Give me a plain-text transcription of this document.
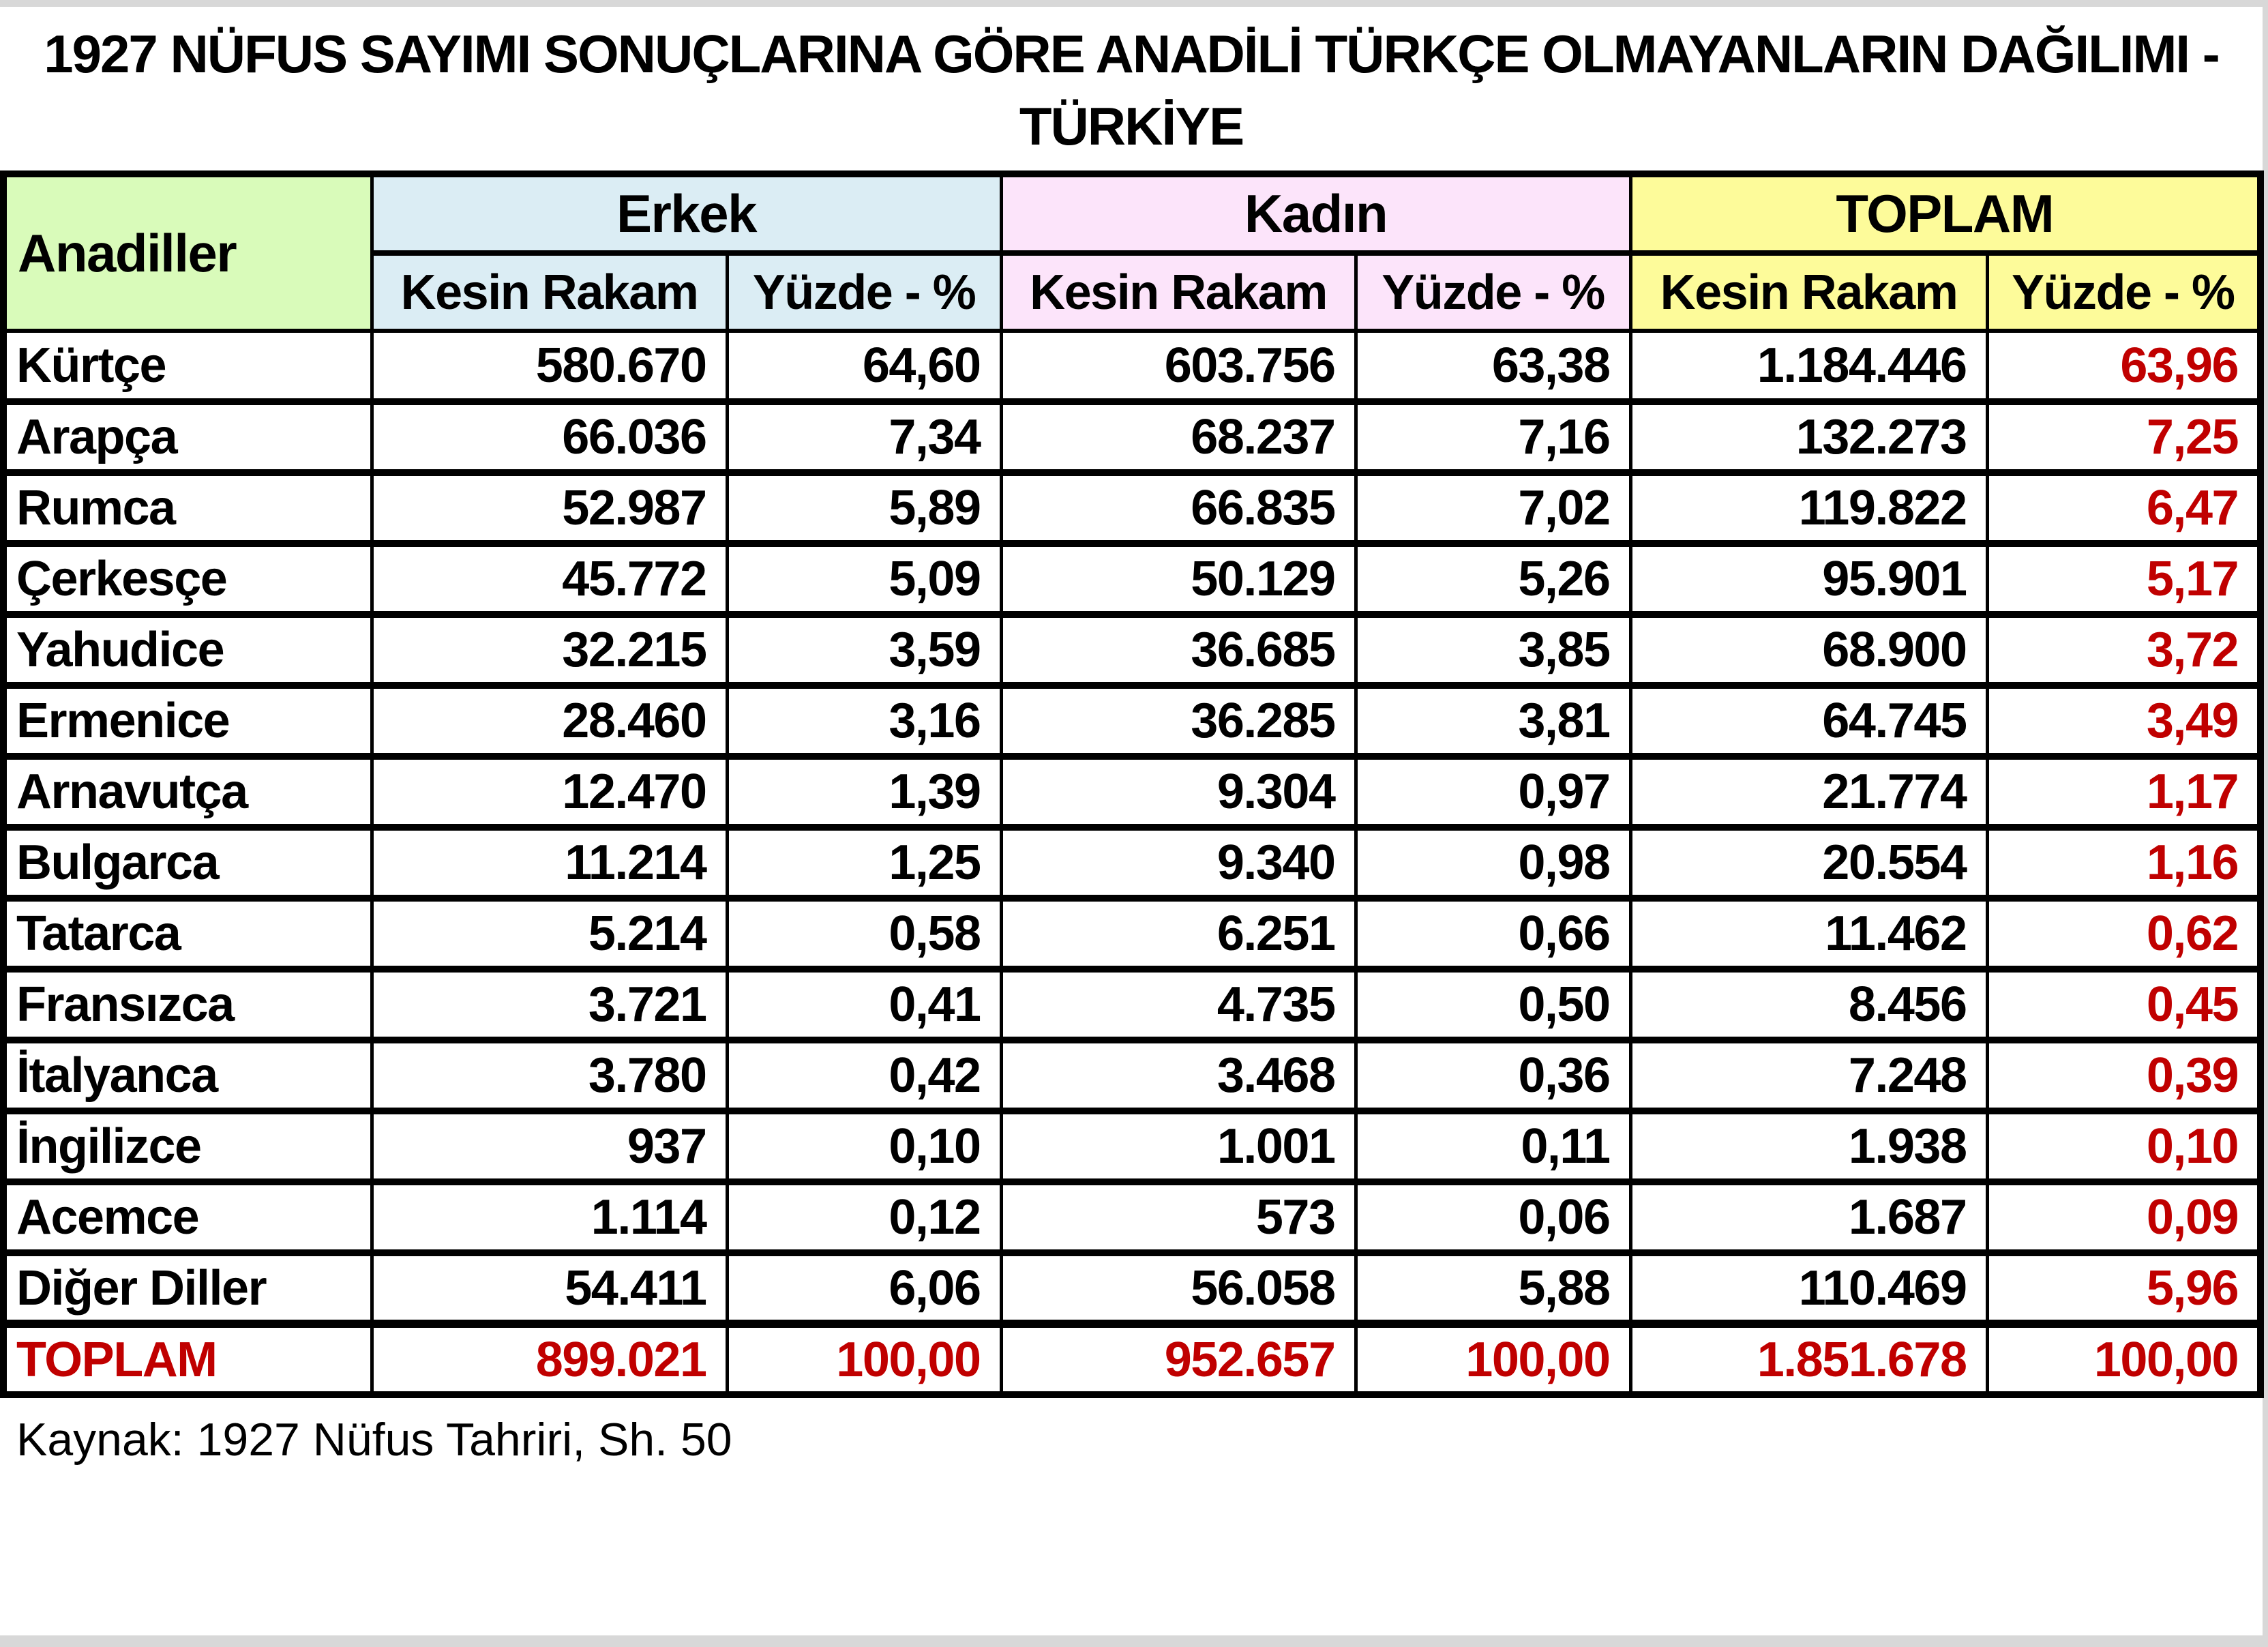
1927 NÜFUS SAYIMI SONUÇLARINA GÖRE ANADİLİ TÜRKÇE OLMAYANLARIN DAĞILIMI -
TÜRKİYE
Anadiller	Erkek		Kadın		TOPLAM	
	Kesin Rakam	Yüzde - %	Kesin Rakam	Yüzde - %	Kesin Rakam	Yüzde - %
Kürtçe	580.670	64,60	603.756	63,38	1.184.446	63,96
Arapça	66.036	7,34	68.237	7,16	132.273	7,25
Rumca	52.987	5,89	66.835	7,02	119.822	6,47
Çerkesçe	45.772	5,09	50.129	5,26	95.901	5,17
Yahudice	32.215	3,59	36.685	3,85	68.900	3,72
Ermenice	28.460	3,16	36.285	3,81	64.745	3,49
Arnavutça	12.470	1,39	9.304	0,97	21.774	1,17
Bulgarca	11.214	1,25	9.340	0,98	20.554	1,16
Tatarca	5.214	0,58	6.251	0,66	11.462	0,62
Fransızca	3.721	0,41	4.735	0,50	8.456	0,45
İtalyanca	3.780	0,42	3.468	0,36	7.248	0,39
İngilizce	937	0,10	1.001	0,11	1.938	0,10
Acemce	1.114	0,12	573	0,06	1.687	0,09
Diğer Diller	54.411	6,06	56.058	5,88	110.469	5,96
TOPLAM	899.021	100,00	952.657	100,00	1.851.678	100,00
Kaynak: 1927 Nüfus Tahriri, Sh. 50
